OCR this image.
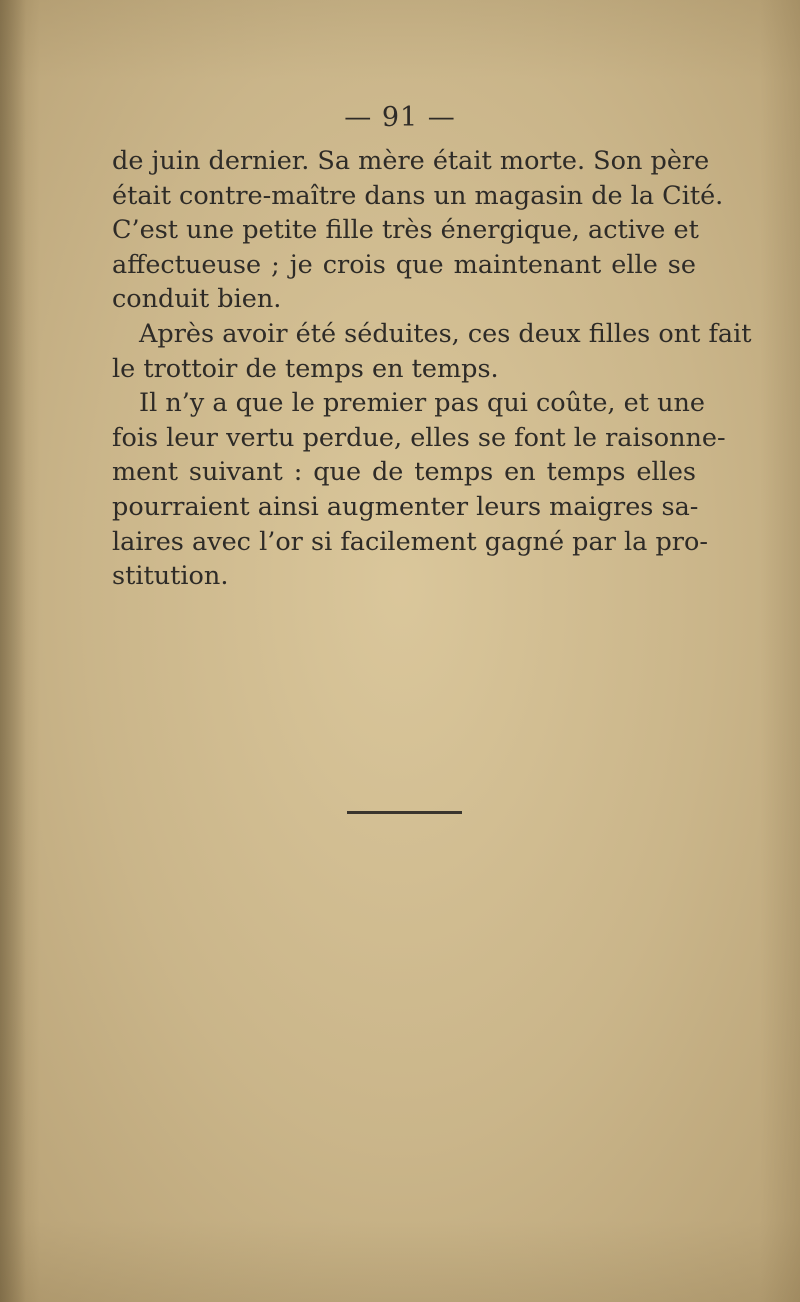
— 91 —

de juin dernier. Sa mère était morte. Son père
était contre-maître dans un magasin de la Cité.
C’est une petite fille très énergique, active et
affectueuse ; je crois que maintenant elle se
conduit bien.

Après avoir été séduites, ces deux filles ont fait
le trottoir de temps en temps.

Il n’y a que le premier pas qui coûte, et une
fois leur vertu perdue, elles se font le raisonne-
ment suivant : que de temps en temps elles
pourraient ainsi augmenter leurs maigres sa-
laires avec l’or si facilement gagné par la pro-
stitution.
